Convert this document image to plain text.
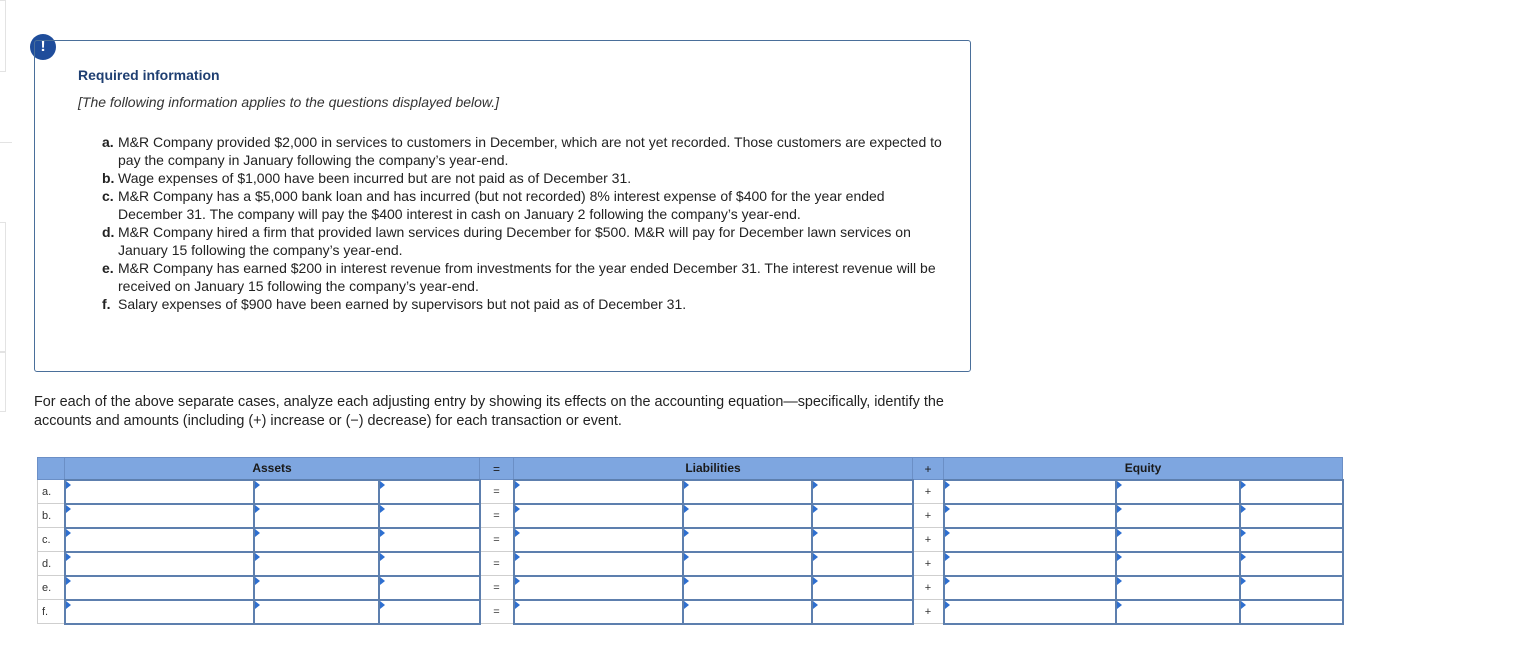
!
Required information
[The following information applies to the questions displayed below.]
a. M&R Company provided $2,000 in services to customers in December, which are not yet recorded. Those customers are expected to pay the company in January following the company’s year-end.
b. Wage expenses of $1,000 have been incurred but are not paid as of December 31.
c. M&R Company has a $5,000 bank loan and has incurred (but not recorded) 8% interest expense of $400 for the year ended December 31. The company will pay the $400 interest in cash on January 2 following the company’s year-end.
d. M&R Company hired a firm that provided lawn services during December for $500. M&R will pay for December lawn services on January 15 following the company’s year-end.
e. M&R Company has earned $200 in interest revenue from investments for the year ended December 31. The interest revenue will be received on January 15 following the company’s year-end.
f. Salary expenses of $900 have been earned by supervisors but not paid as of December 31.
For each of the above separate cases, analyze each adjusting entry by showing its effects on the accounting equation—specifically, identify the accounts and amounts (including (+) increase or (−) decrease) for each transaction or event.
	Assets			=	Liabilities			+	Equity		
a.				=				+			
b.				=				+			
c.				=				+			
d.				=				+			
e.				=				+			
f.				=				+			
